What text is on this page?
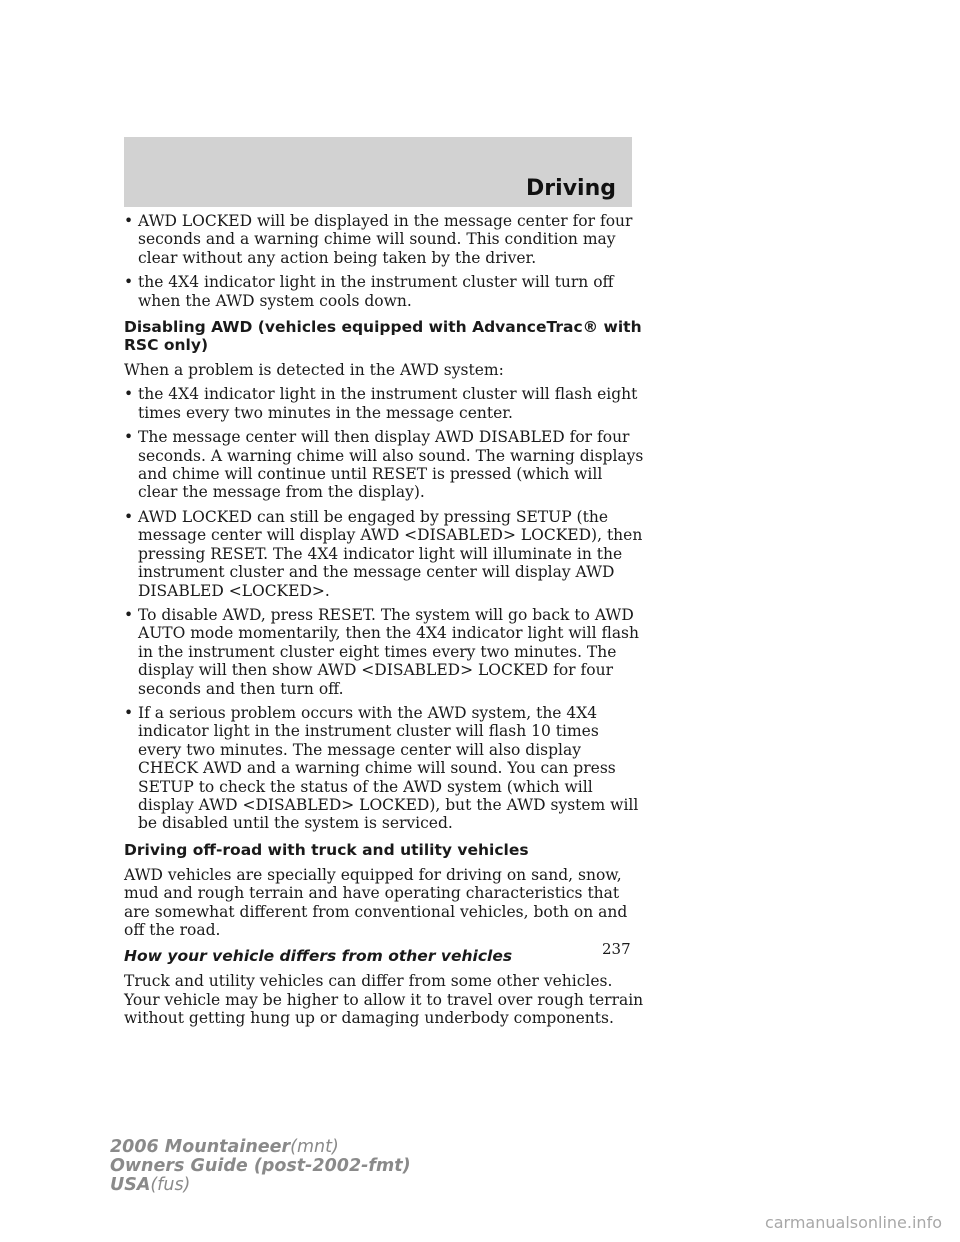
Driving
• AWD LOCKED will be displayed in the message center for four seconds and a warning chime will sound. This condition may clear without any action being taken by the driver.
• the 4X4 indicator light in the instrument cluster will turn off when the AWD system cools down.
Disabling AWD (vehicles equipped with AdvanceTrac® with RSC only)

When a problem is detected in the AWD system:

• the 4X4 indicator light in the instrument cluster will flash eight times every two minutes in the message center.
• The message center will then display AWD DISABLED for four seconds. A warning chime will also sound. The warning displays and chime will continue until RESET is pressed (which will clear the message from the display).
• AWD LOCKED can still be engaged by pressing SETUP (the message center will display AWD <DISABLED> LOCKED), then pressing RESET. The 4X4 indicator light will illuminate in the instrument cluster and the message center will display AWD DISABLED <LOCKED>.
• To disable AWD, press RESET. The system will go back to AWD AUTO mode momentarily, then the 4X4 indicator light will flash in the instrument cluster eight times every two minutes. The display will then show AWD <DISABLED> LOCKED for four seconds and then turn off.
• If a serious problem occurs with the AWD system, the 4X4 indicator light in the instrument cluster will flash 10 times every two minutes. The message center will also display CHECK AWD and a warning chime will sound. You can press SETUP to check the status of the AWD system (which will display AWD <DISABLED> LOCKED), but the AWD system will be disabled until the system is serviced.
Driving off-road with truck and utility vehicles

AWD vehicles are specially equipped for driving on sand, snow, mud and rough terrain and have operating characteristics that are somewhat different from conventional vehicles, both on and off the road.

How your vehicle differs from other vehicles

Truck and utility vehicles can differ from some other vehicles. Your vehicle may be higher to allow it to travel over rough terrain without getting hung up or damaging underbody components.

237
2006 Mountaineer(mnt)
Owners Guide (post-2002-fmt)
USA(fus)
carmanualsonline.info
